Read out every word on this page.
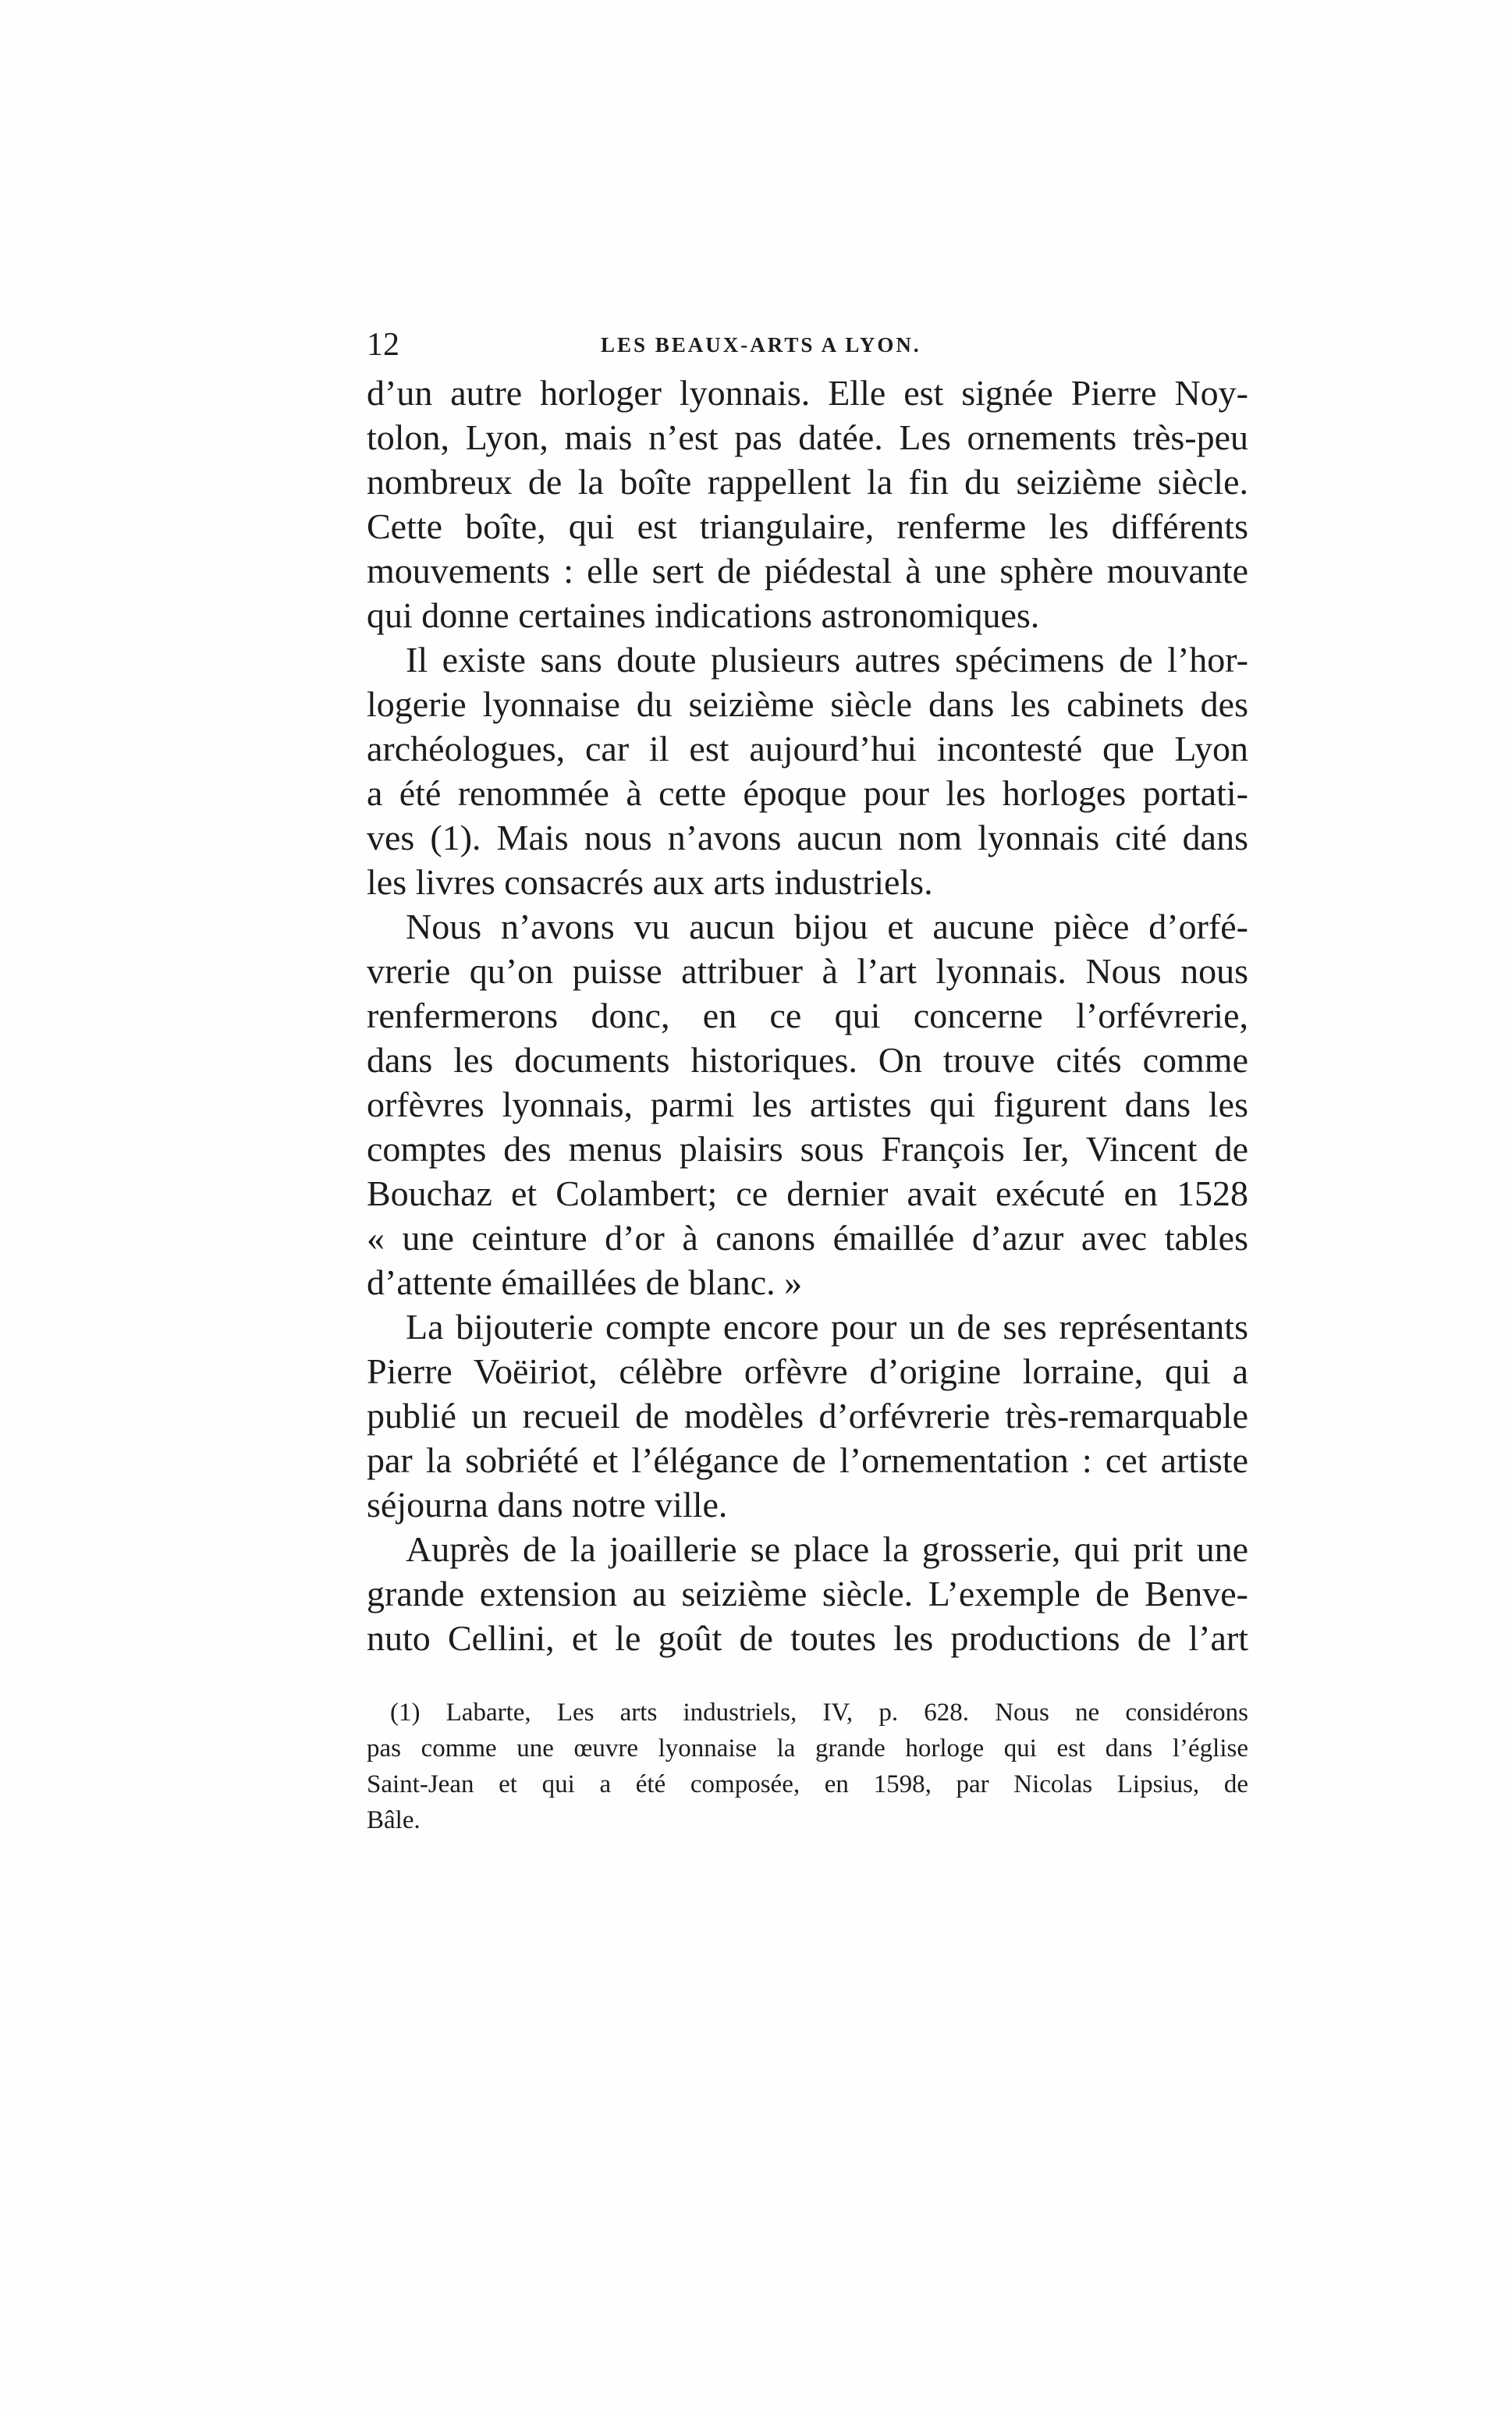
12	LES BEAUX-ARTS A LYON.
d’un autre horloger lyonnais. Elle est signée Pierre Noy-
tolon, Lyon, mais n’est pas datée. Les ornements très-peu
nombreux de la boîte rappellent la fin du seizième siècle.
Cette boîte, qui est triangulaire, renferme les différents
mouvements : elle sert de piédestal à une sphère mouvante
qui donne certaines indications astronomiques.
Il existe sans doute plusieurs autres spécimens de l’hor-
logerie lyonnaise du seizième siècle dans les cabinets des
archéologues, car il est aujourd’hui incontesté que Lyon
a été renommée à cette époque pour les horloges portati-
ves (1). Mais nous n’avons aucun nom lyonnais cité dans
les livres consacrés aux arts industriels.
Nous n’avons vu aucun bijou et aucune pièce d’orfé-
vrerie qu’on puisse attribuer à l’art lyonnais. Nous nous
renfermerons donc, en ce qui concerne l’orfévrerie,
dans les documents historiques. On trouve cités comme
orfèvres lyonnais, parmi les artistes qui figurent dans les
comptes des menus plaisirs sous François Ier, Vincent de
Bouchaz et Colambert; ce dernier avait exécuté en 1528
« une ceinture d’or à canons émaillée d’azur avec tables
d’attente émaillées de blanc. »
La bijouterie compte encore pour un de ses représentants
Pierre Voëiriot, célèbre orfèvre d’origine lorraine, qui a
publié un recueil de modèles d’orfévrerie très-remarquable
par la sobriété et l’élégance de l’ornementation : cet artiste
séjourna dans notre ville.
Auprès de la joaillerie se place la grosserie, qui prit une
grande extension au seizième siècle. L’exemple de Benve-
nuto Cellini, et le goût de toutes les productions de l’art
(1) Labarte, Les arts industriels, IV, p. 628. Nous ne considérons
pas comme une œuvre lyonnaise la grande horloge qui est dans l’église
Saint-Jean et qui a été composée, en 1598, par Nicolas Lipsius, de
Bâle.
